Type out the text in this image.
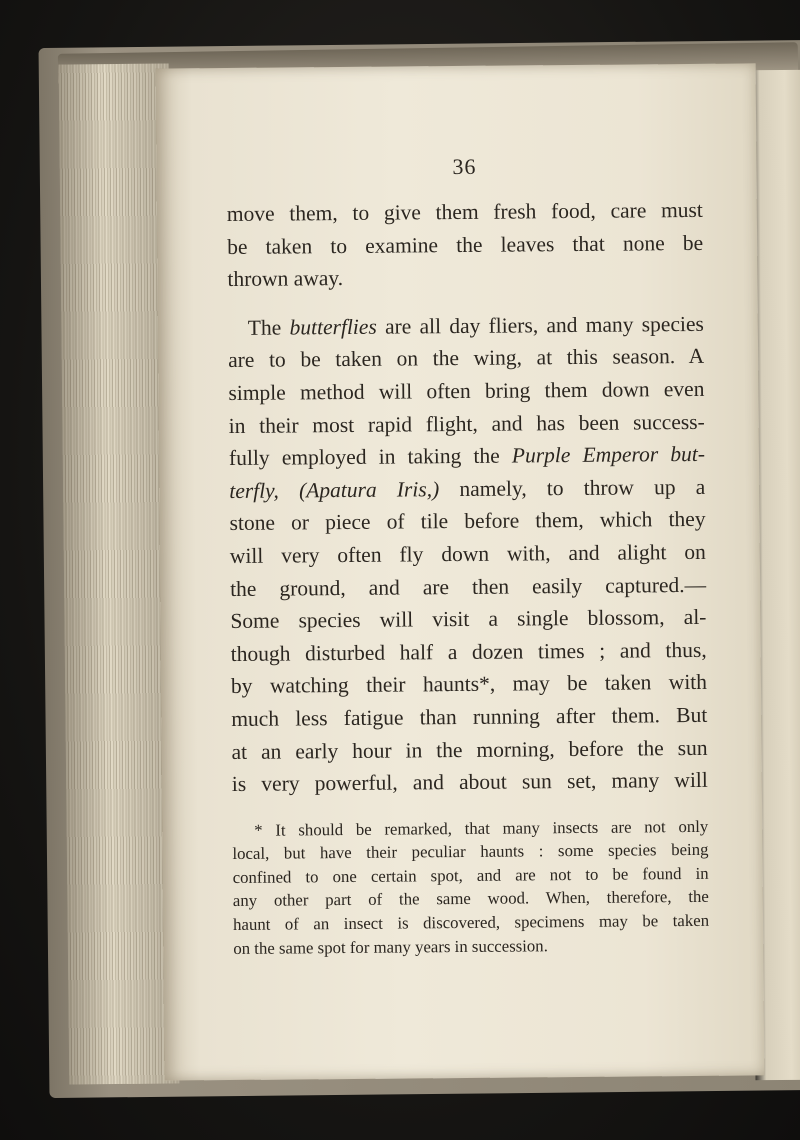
36

move them, to give them fresh food, care must
be taken to examine the leaves that none be
thrown away.

The butterflies are all day fliers, and many species
are to be taken on the wing, at this season. A
simple method will often bring them down even
in their most rapid flight, and has been success-
fully employed in taking the Purple Emperor but-
terfly, (Apatura Iris,) namely, to throw up a
stone or piece of tile before them, which they
will very often fly down with, and alight on
the ground, and are then easily captured.—
Some species will visit a single blossom, al-
though disturbed half a dozen times ; and thus,
by watching their haunts*, may be taken with
much less fatigue than running after them. But
at an early hour in the morning, before the sun
is very powerful, and about sun set, many will

* It should be remarked, that many insects are not only
local, but have their peculiar haunts : some species being
confined to one certain spot, and are not to be found in
any other part of the same wood. When, therefore, the
haunt of an insect is discovered, specimens may be taken
on the same spot for many years in succession.
